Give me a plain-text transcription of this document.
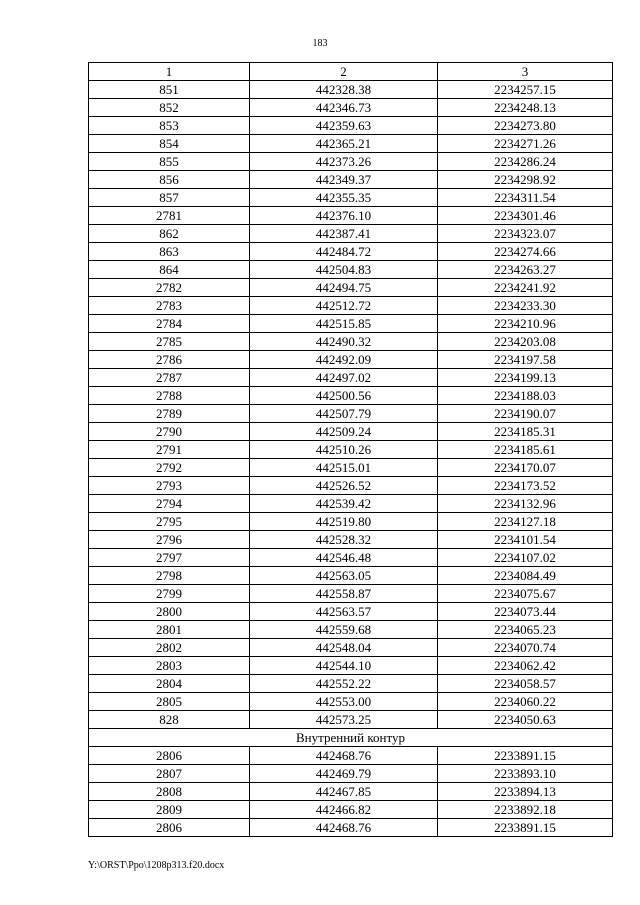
183
1	2	3
851	442328.38	2234257.15
852	442346.73	2234248.13
853	442359.63	2234273.80
854	442365.21	2234271.26
855	442373.26	2234286.24
856	442349.37	2234298.92
857	442355.35	2234311.54
2781	442376.10	2234301.46
862	442387.41	2234323.07
863	442484.72	2234274.66
864	442504.83	2234263.27
2782	442494.75	2234241.92
2783	442512.72	2234233.30
2784	442515.85	2234210.96
2785	442490.32	2234203.08
2786	442492.09	2234197.58
2787	442497.02	2234199.13
2788	442500.56	2234188.03
2789	442507.79	2234190.07
2790	442509.24	2234185.31
2791	442510.26	2234185.61
2792	442515.01	2234170.07
2793	442526.52	2234173.52
2794	442539.42	2234132.96
2795	442519.80	2234127.18
2796	442528.32	2234101.54
2797	442546.48	2234107.02
2798	442563.05	2234084.49
2799	442558.87	2234075.67
2800	442563.57	2234073.44
2801	442559.68	2234065.23
2802	442548.04	2234070.74
2803	442544.10	2234062.42
2804	442552.22	2234058.57
2805	442553.00	2234060.22
828	442573.25	2234050.63
Внутренний контур		
2806	442468.76	2233891.15
2807	442469.79	2233893.10
2808	442467.85	2233894.13
2809	442466.82	2233892.18
2806	442468.76	2233891.15
Y:\ORST\Ppo\1208p313.f20.docx
